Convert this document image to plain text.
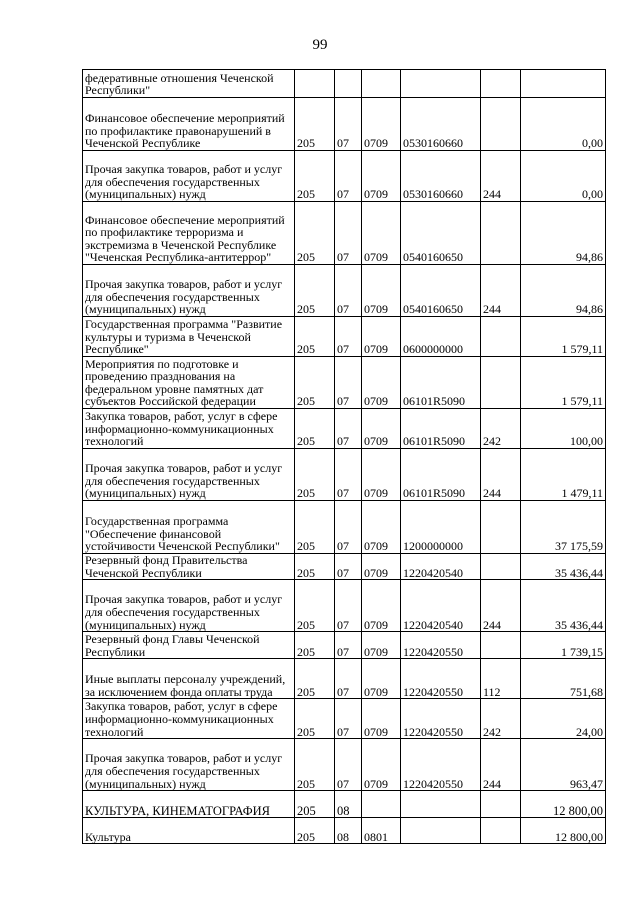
99
федеративные отношения Чеченской Республики"						
Финансовое обеспечение мероприятий по профилактике правонарушений в Чеченской Республике	205	07	0709	0530160660		0,00
Прочая закупка товаров, работ и услуг для обеспечения государственных (муниципальных) нужд	205	07	0709	0530160660	244	0,00
Финансовое обеспечение мероприятий по профилактике терроризма и экстремизма в Чеченской Республике "Чеченская Республика-антитеррор"	205	07	0709	0540160650		94,86
Прочая закупка товаров, работ и услуг для обеспечения государственных (муниципальных) нужд	205	07	0709	0540160650	244	94,86
Государственная программа "Развитие культуры и туризма в Чеченской Республике"	205	07	0709	0600000000		1 579,11
Мероприятия по подготовке и проведению празднования на федеральном уровне памятных дат субъектов Российской федерации	205	07	0709	06101R5090		1 579,11
Закупка товаров, работ, услуг в сфере информационно-коммуникационных технологий	205	07	0709	06101R5090	242	100,00
Прочая закупка товаров, работ и услуг для обеспечения государственных (муниципальных) нужд	205	07	0709	06101R5090	244	1 479,11
Государственная программа "Обеспечение финансовой устойчивости Чеченской Республики"	205	07	0709	1200000000		37 175,59
Резервный фонд Правительства Чеченской Республики	205	07	0709	1220420540		35 436,44
Прочая закупка товаров, работ и услуг для обеспечения государственных (муниципальных) нужд	205	07	0709	1220420540	244	35 436,44
Резервный фонд Главы Чеченской Республики	205	07	0709	1220420550		1 739,15
Иные выплаты персоналу учреждений, за исключением фонда оплаты труда	205	07	0709	1220420550	112	751,68
Закупка товаров, работ, услуг в сфере информационно-коммуникационных технологий	205	07	0709	1220420550	242	24,00
Прочая закупка товаров, работ и услуг для обеспечения государственных (муниципальных) нужд	205	07	0709	1220420550	244	963,47
КУЛЬТУРА, КИНЕМАТОГРАФИЯ	205	08				12 800,00
Культура	205	08	0801			12 800,00
